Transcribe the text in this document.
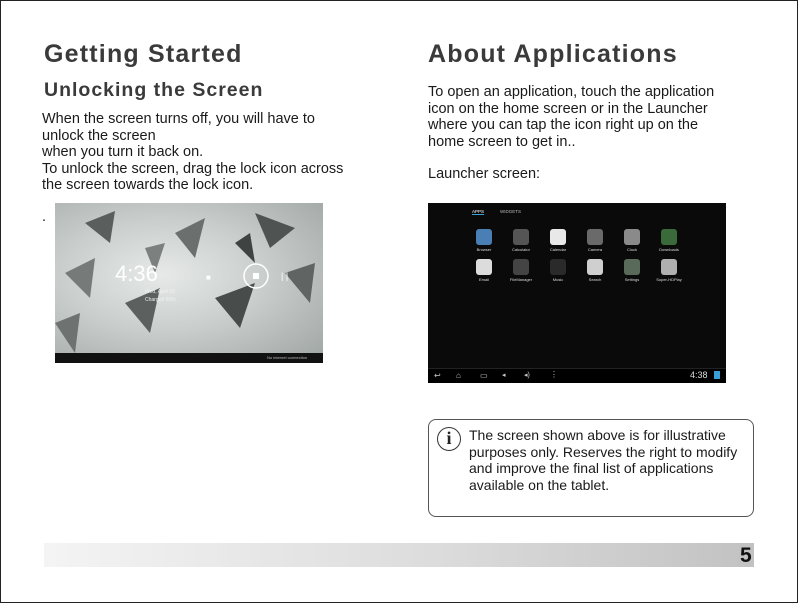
Getting Started
Unlocking the Screen
When the screen turns off, you will have to
unlock the screen
when you turn it back on.
To unlock the screen, drag the lock icon across
the screen towards the lock icon.
.
4:36	■
Wed, April 18
Charged 60%
| |
No internet connection
About Applications
To open an application, touch the application
icon on the home screen or in the Launcher
where you can tap the icon right up on the
home screen to get in..
Launcher screen:
APPS	WIDGETS
Browser	Calculator	Calendar	Camera	Clock	Downloads
Email	FileManager	Music	Search	Settings	Super-HDPlay
↩ ⌂ ▭ ◂	◂)	⋮	4:38
i	The screen shown above is for illustrative
purposes only. Reserves the right to modify
and improve the final list of applications
available on the tablet.
5
